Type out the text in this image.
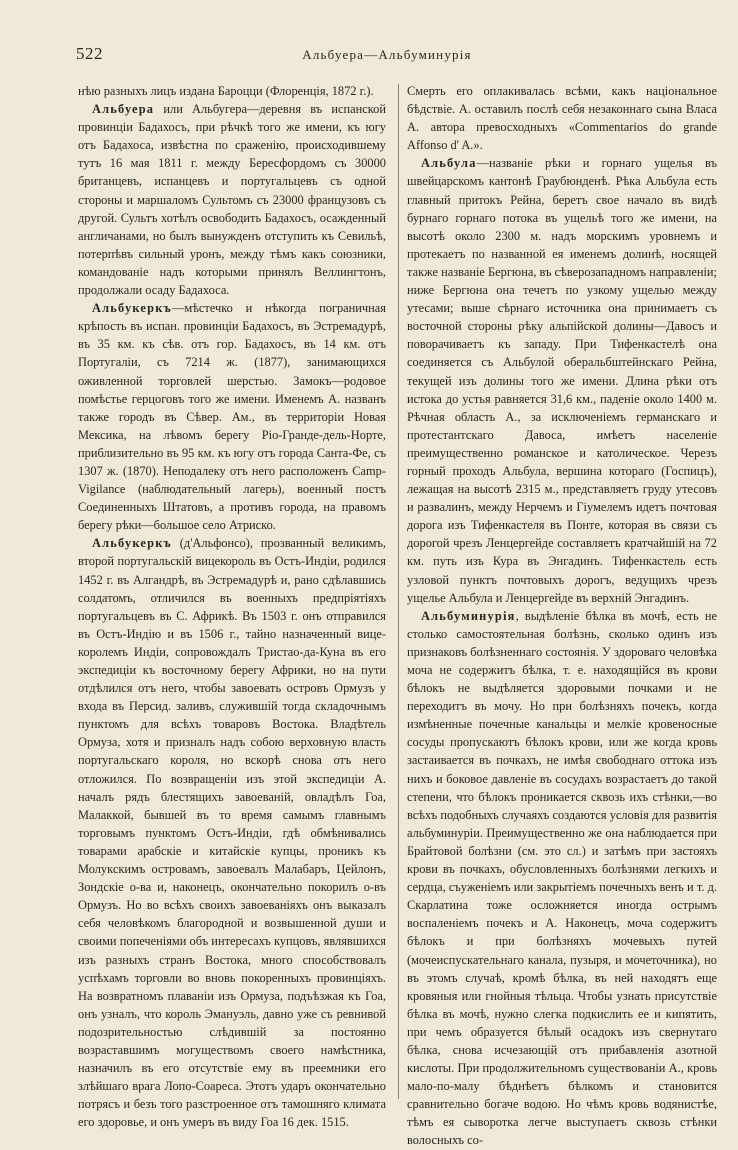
522	Альбуера—Альбуминурія

нѣю разныхъ лицъ издана Бароцци (Флоренція, 1872 г.).

Альбуера или Альбугера—деревня въ испанской провинціи Бадахосъ, при рѣчкѣ того же имени, къ югу отъ Бадахоса, извѣстна по сраженію, происходившему тутъ 16 мая 1811 г. между Бересфордомъ съ 30000 британцевъ, испанцевъ и португальцевъ съ одной стороны и маршаломъ Сультомъ съ 23000 французовъ съ другой. Сультъ хотѣлъ освободить Бадахосъ, осажденный англичанами, но былъ вынужденъ отступить къ Севильѣ, потерпѣвъ сильный уронъ, между тѣмъ какъ союзники, командованіе надъ которыми принялъ Веллингтонъ, продолжали осаду Бадахоса.

Альбукеркъ—мѣстечко и нѣкогда пограничная крѣпость въ испан. провинціи Бадахосъ, въ Эстремадурѣ, въ 35 км. къ сѣв. отъ гор. Бадахосъ, въ 14 км. отъ Португаліи, съ 7214 ж. (1877), занимающихся оживленной торговлей шерстью. Замокъ—родовое помѣстье герцоговъ того же имени. Именемъ А. названъ также городъ въ Сѣвер. Ам., въ территоріи Новая Мексика, на лѣвомъ берегу Ріо-Гранде-дель-Норте, приблизительно въ 95 км. къ югу отъ города Санта-Фе, съ 1307 ж. (1870). Неподалеку отъ него расположенъ Camp-Vigilance (наблюдательный лагерь), военный постъ Соединенныхъ Штатовъ, а противъ города, на правомъ берегу рѣки—большое село Атриско.

Альбукеркъ (д'Альфонсо), прозванный великимъ, второй португальскій вицекороль въ Остъ-Индіи, родился 1452 г. въ Алгандрѣ, въ Эстремадурѣ и, рано сдѣлавшись солдатомъ, отличился въ военныхъ предпріятіяхъ португальцевъ въ С. Африкѣ. Въ 1503 г. онъ отправился въ Остъ-Индію и въ 1506 г., тайно назначенный вице-королемъ Индіи, сопровождалъ Тристао-да-Куна въ его экспедиціи къ восточному берегу Африки, но на пути отдѣлился отъ него, чтобы завоевать островъ Ормузъ у входа въ Персид. заливъ, служившій тогда складочнымъ пунктомъ для всѣхъ товаровъ Востока. Владѣтель Ормуза, хотя и призналъ надъ собою верховную власть португальскаго короля, но вскорѣ снова отъ него отложился. По возвращеніи изъ этой экспедиціи А. началъ рядъ блестящихъ завоеваній, овладѣлъ Гоа, Малаккой, бывшей въ то время самымъ главнымъ торговымъ пунктомъ Остъ-Индіи, гдѣ обмѣнивались товарами арабскіе и китайскіе купцы, проникъ къ Молукскимъ островамъ, завоевалъ Малабаръ, Цейлонъ, Зондскіе о-ва и, наконецъ, окончательно покорилъ о-въ Ормузъ. Но во всѣхъ своихъ завоеваніяхъ онъ выказалъ себя человѣкомъ благородной и возвышенной души и своими попеченіями объ интересахъ купцовъ, являвшихся изъ разныхъ странъ Востока, много способствовалъ успѣхамъ торговли во вновь покоренныхъ провинціяхъ. На возвратномъ плаваніи изъ Ормуза, подъѣзжая къ Гоа, онъ узналъ, что король Эмануэль, давно уже съ ревнивой подозрительностью слѣдившій за постоянно возраставшимъ могуществомъ своего намѣстника, назначилъ въ его отсутствіе ему въ преемники его злѣйшаго врага Лопо-Соареса. Этотъ ударъ окончательно потрясъ и безъ того разстроенное отъ тамошняго климата его здоровье, и онъ умеръ въ виду Гоа 16 дек. 1515.

Смерть его оплакивалась всѣми, какъ національное бѣдствіе. А. оставилъ послѣ себя незаконнаго сына Власа А. автора превосходныхъ «Commentarios do grande Affonso d' A.».

Альбула—названіе рѣки и горнаго ущелья въ швейцарскомъ кантонѣ Граубюнденѣ. Рѣка Альбула есть главный притокъ Рейна, беретъ свое начало въ видѣ бурнаго горнаго потока въ ущельѣ того же имени, на высотѣ около 2300 м. надъ морскимъ уровнемъ и протекаетъ по названной ея именемъ долинѣ, носящей также названіе Бергюна, въ сѣверозападномъ направленіи; ниже Бергюна она течетъ по узкому ущелью между утесами; выше сѣрнаго источника она принимаетъ съ восточной стороны рѣку альпійской долины—Давосъ и поворачиваетъ къ западу. При Тифенкастелѣ она соединяется съ Альбулой оберальбштейнскаго Рейна, текущей изъ долины того же имени. Длина рѣки отъ истока до устья равняется 31,6 км., паденіе около 1400 м. Рѣчная область А., за исключеніемъ германскаго и протестантскаго Давоса, имѣетъ населеніе преимущественно романское и католическое. Черезъ горный проходъ Альбула, вершина котораго (Госпицъ), лежащая на высотѣ 2315 м., представляетъ груду утесовъ и развалинъ, между Нерчемъ и Гіумелемъ идетъ почтовая дорога изъ Тифенкастеля въ Понте, которая въ связи съ дорогой чрезъ Ленцергейде составляетъ кратчайшій на 72 км. путь изъ Кура въ Энгадинъ. Тифенкастель есть узловой пунктъ почтовыхъ дорогъ, ведущихъ чрезъ ущелье Альбула и Ленцергейде въ верхній Энгадинъ.

Альбуминурія, выдѣленіе бѣлка въ мочѣ, есть не столько самостоятельная болѣзнь, сколько одинъ изъ признаковъ болѣзненнаго состоянія. У здороваго человѣка моча не содержитъ бѣлка, т. е. находящійся въ крови бѣлокъ не выдѣляется здоровыми почками и не переходитъ въ мочу. Но при болѣзняхъ почекъ, когда измѣненные почечные канальцы и мелкіе кровеносные сосуды пропускаютъ бѣлокъ крови, или же когда кровь застаивается въ почкахъ, не имѣя свободнаго оттока изъ нихъ и боковое давленіе въ сосудахъ возрастаетъ до такой степени, что бѣлокъ проникается сквозь ихъ стѣнки,—во всѣхъ подобныхъ случаяхъ создаются условія для развитія альбуминуріи. Преимущественно же она наблюдается при Брайтовой болѣзни (см. это сл.) и затѣмъ при застояхъ крови въ почкахъ, обусловленныхъ болѣзнями легкихъ и сердца, съуженіемъ или закрытіемъ почечныхъ венъ и т. д. Скарлатина тоже осложняется иногда острымъ воспаленіемъ почекъ и А. Наконецъ, моча содержитъ бѣлокъ и при болѣзняхъ мочевыхъ путей (мочеиспускательнаго канала, пузыря, и мочеточника), но въ этомъ случаѣ, кромѣ бѣлка, въ ней находятъ еще кровяныя или гнойныя тѣльца. Чтобы узнать присутствіе бѣлка въ мочѣ, нужно слегка подкислить ее и кипятить, при чемъ образуется бѣлый осадокъ изъ свернутаго бѣлка, снова исчезающій отъ прибавленія азотной кислоты. При продолжительномъ существованіи А., кровь мало-по-малу бѣднѣетъ бѣлкомъ и становится сравнительно богаче водою. Но чѣмъ кровь водянистѣе, тѣмъ ея сыворотка легче выступаетъ сквозь стѣнки волосныхъ со-
